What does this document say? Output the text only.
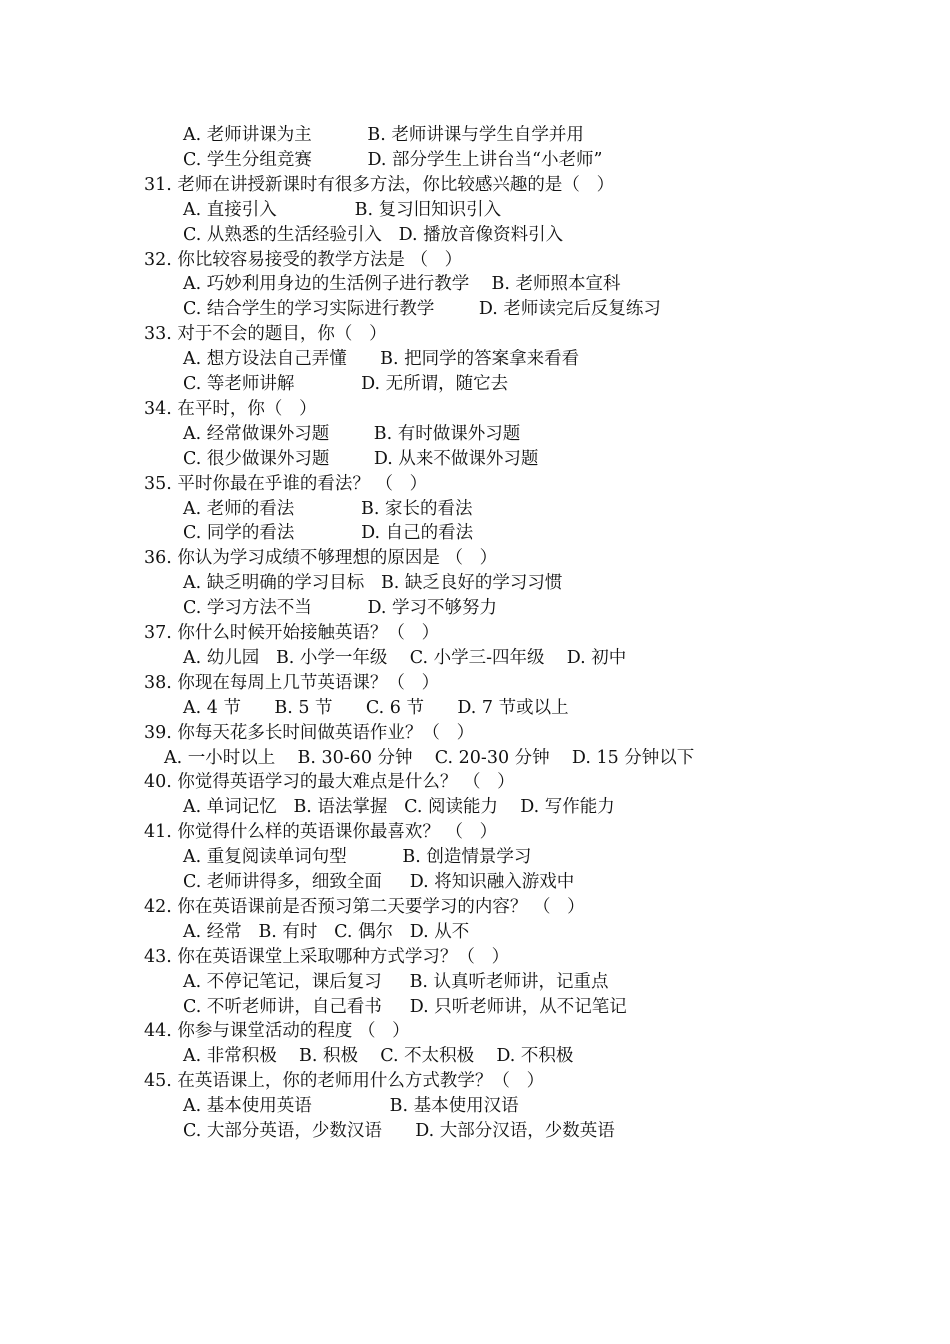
A. 老师讲课为主          B. 老师讲课与学生自学并用
C. 学生分组竞赛          D. 部分学生上讲台当“小老师”
31. 老师在讲授新课时有很多方法，你比较感兴趣的是（   ）
A. 直接引入              B. 复习旧知识引入
C. 从熟悉的生活经验引入   D. 播放音像资料引入
32. 你比较容易接受的教学方法是 （   ）
A. 巧妙利用身边的生活例子进行教学    B. 老师照本宣科
C. 结合学生的学习实际进行教学        D. 老师读完后反复练习
33. 对于不会的题目，你（   ）
A. 想方设法自己弄懂      B. 把同学的答案拿来看看
C. 等老师讲解            D. 无所谓，随它去
34. 在平时，你（   ）
A. 经常做课外习题        B. 有时做课外习题
C. 很少做课外习题        D. 从来不做课外习题
35. 平时你最在乎谁的看法？ （   ）
A. 老师的看法            B. 家长的看法
C. 同学的看法            D. 自己的看法
36. 你认为学习成绩不够理想的原因是 （   ）
A. 缺乏明确的学习目标   B. 缺乏良好的学习习惯
C. 学习方法不当          D. 学习不够努力
37. 你什么时候开始接触英语？（   ）
A. 幼儿园   B. 小学一年级    C. 小学三-四年级    D. 初中
38. 你现在每周上几节英语课？（   ）
A. 4 节      B. 5 节      C. 6 节      D. 7 节或以上
39. 你每天花多长时间做英语作业？（   ）
A. 一小时以上    B. 30-60 分钟    C. 20-30 分钟    D. 15 分钟以下
40. 你觉得英语学习的最大难点是什么？ （   ）
A. 单词记忆   B. 语法掌握   C. 阅读能力    D. 写作能力
41. 你觉得什么样的英语课你最喜欢？ （   ）
A. 重复阅读单词句型          B. 创造情景学习
C. 老师讲得多，细致全面     D. 将知识融入游戏中
42. 你在英语课前是否预习第二天要学习的内容？ （   ）
A. 经常   B. 有时   C. 偶尔   D. 从不
43. 你在英语课堂上采取哪种方式学习？（   ）
A. 不停记笔记，课后复习     B. 认真听老师讲，记重点
C. 不听老师讲，自己看书     D. 只听老师讲，从不记笔记
44. 你参与课堂活动的程度 （   ）
A. 非常积极    B. 积极    C. 不太积极    D. 不积极
45. 在英语课上，你的老师用什么方式教学？（   ）
A. 基本使用英语              B. 基本使用汉语
C. 大部分英语，少数汉语      D. 大部分汉语，少数英语
